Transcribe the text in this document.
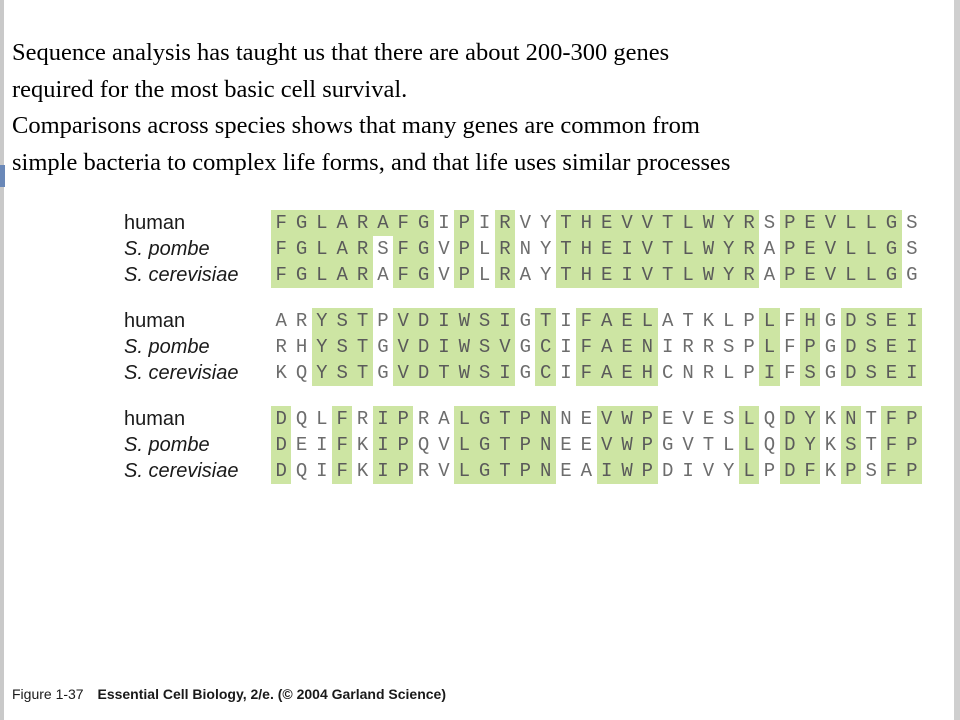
Sequence analysis has taught us that there are about 200-300 genes

required for the most basic cell survival.

Comparisons across species shows that many genes are common from

simple bacteria to complex life forms, and that life uses similar processes

human	F G L A R A F G I P I R V Y T H E V V T L W Y R S P E V L L G S
S. pombe	F G L A R S F G V P L R N Y T H E I V T L W Y R A P E V L L G S
S. cerevisiae	F G L A R A F G V P L R A Y T H E I V T L W Y R A P E V L L G G
human	A R Y S T P V D I W S I G T I F A E L A T K L P L F H G D S E I
S. pombe	R H Y S T G V D I W S V G C I F A E N I R R S P L F P G D S E I
S. cerevisiae	K Q Y S T G V D T W S I G C I F A E H C N R L P I F S G D S E I
human	D Q L F R I P R A L G T P N N E V W P E V E S L Q D Y K N T F P
S. pombe	D E I F K I P Q V L G T P N E E V W P G V T L L Q D Y K S T F P
S. cerevisiae	D Q I F K I P R V L G T P N E A I W P D I V Y L P D F K P S F P
Figure 1-37 Essential Cell Biology, 2/e. (© 2004 Garland Science)
